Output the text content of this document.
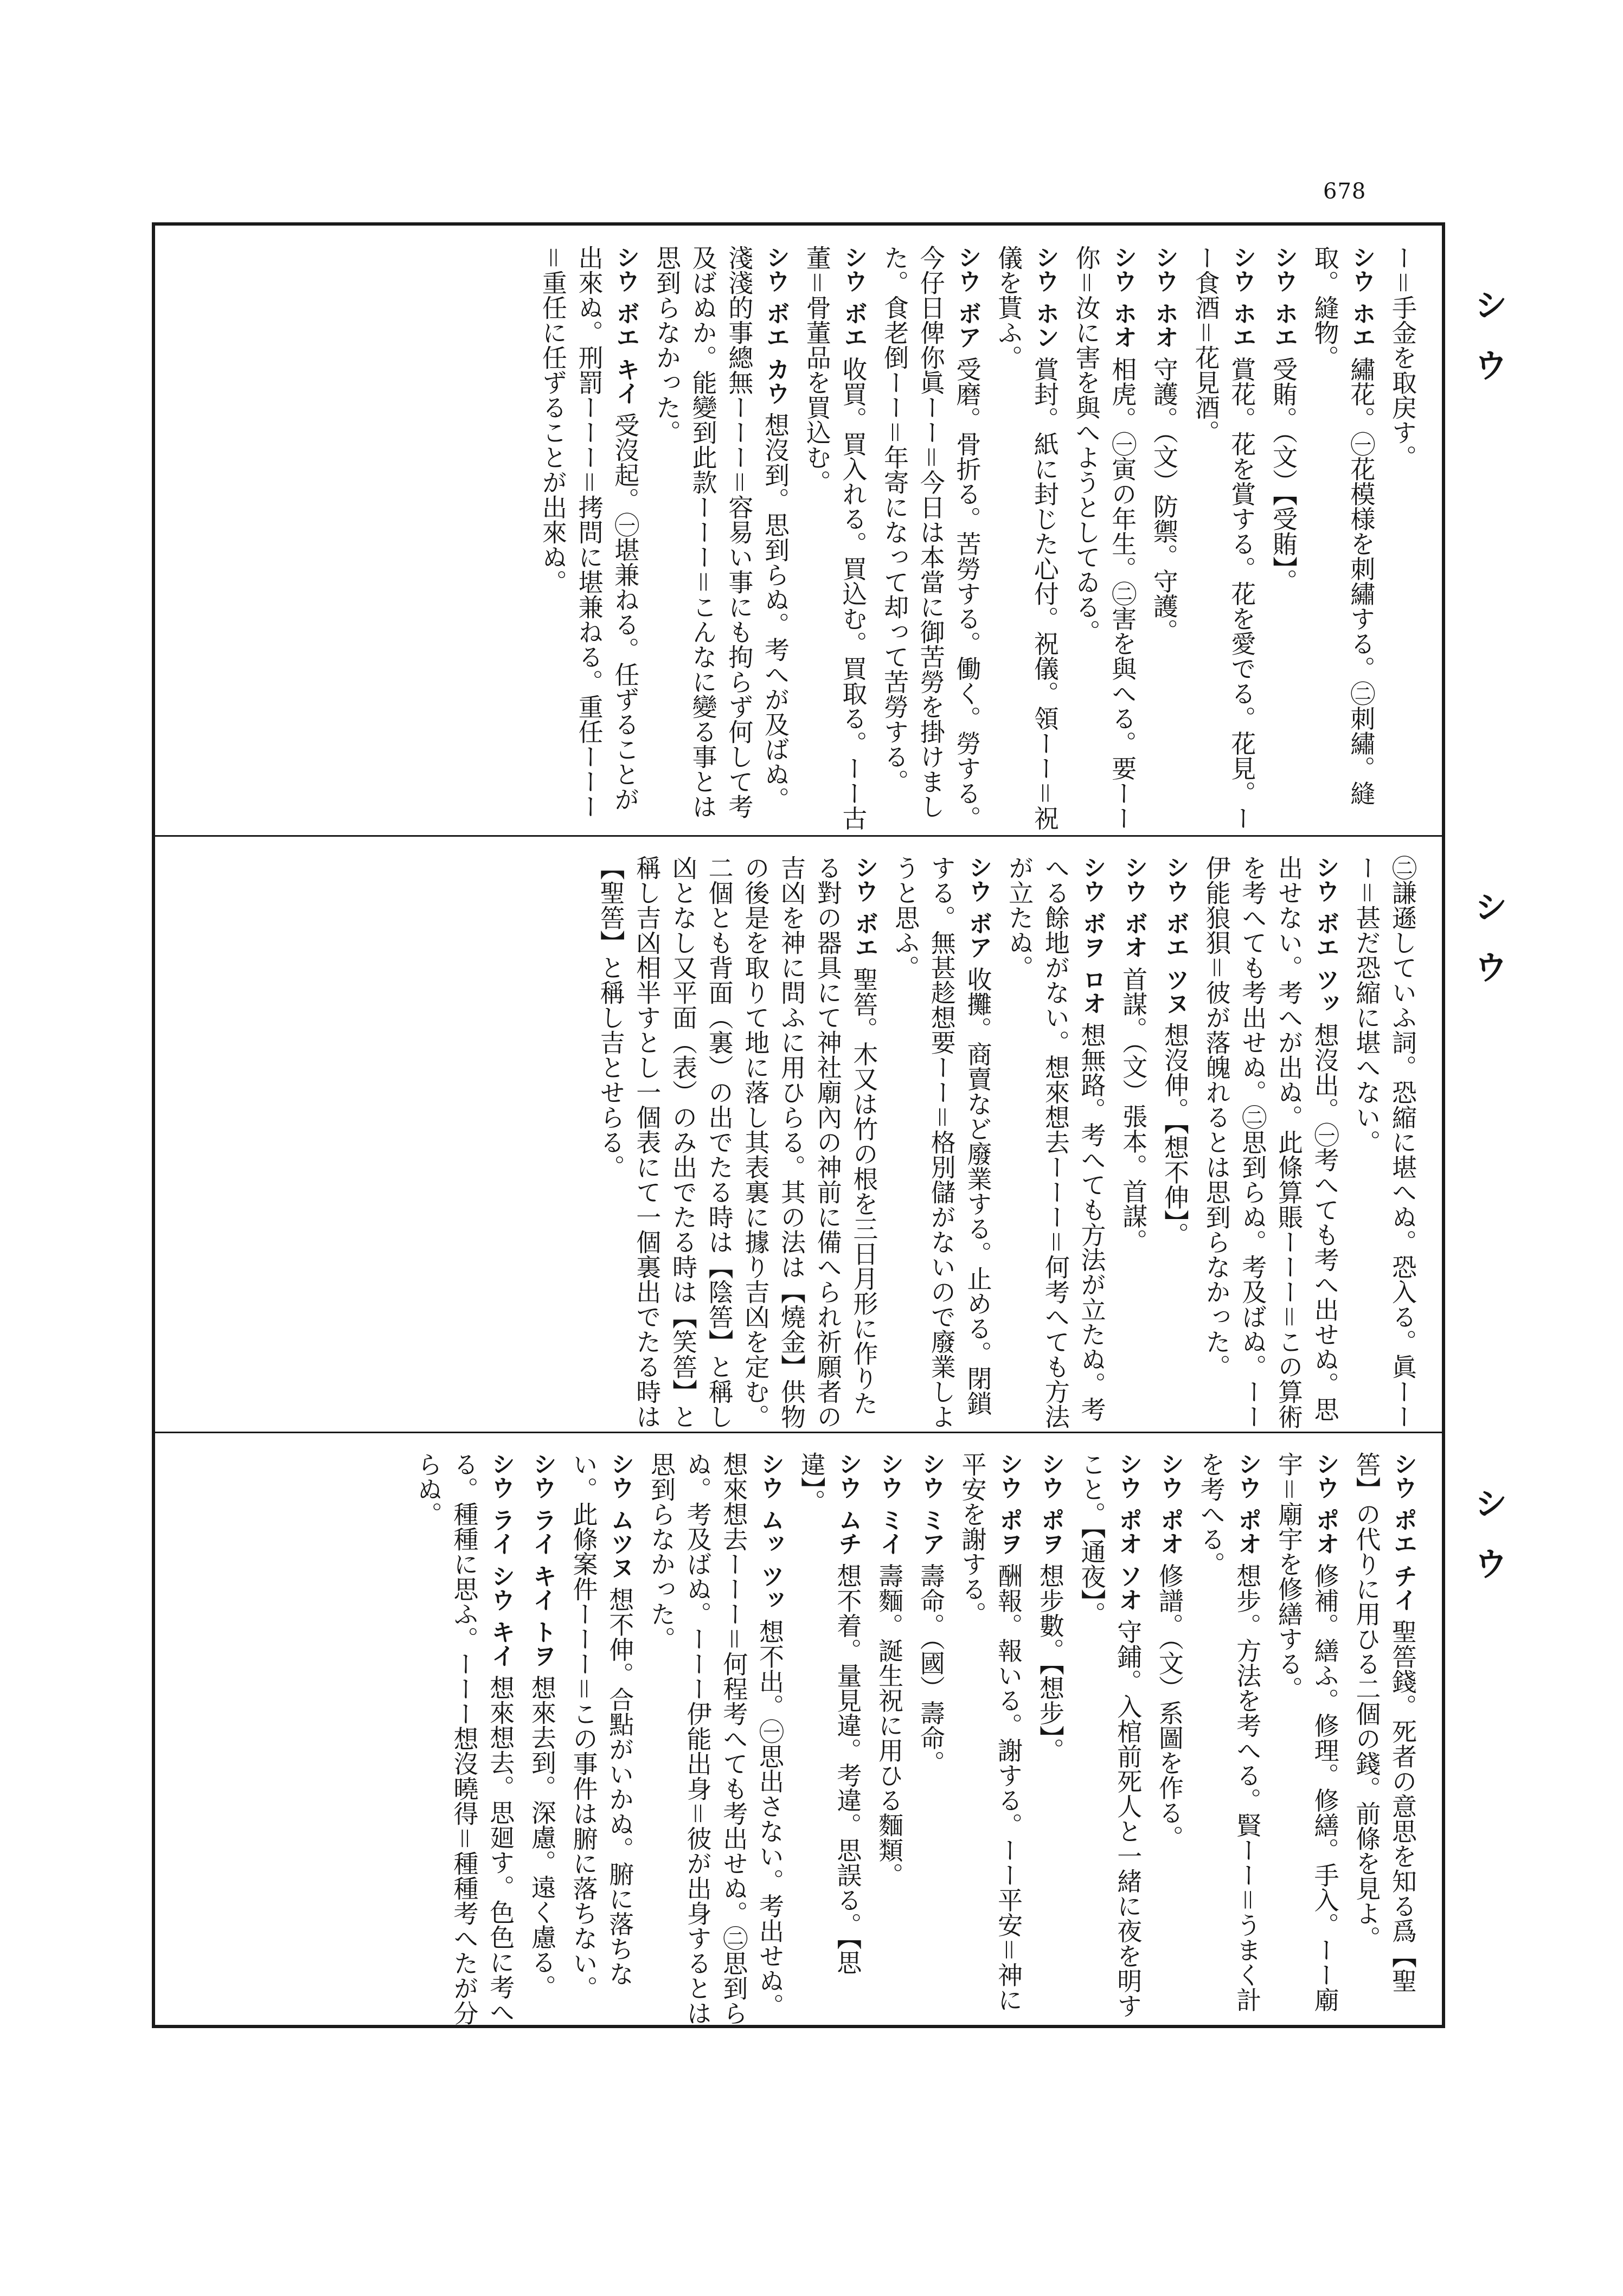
678
シ ウ
シ ウ
シ ウ
ー＝手金を取戻す。
シウ ホエ繡花。㊀花模様を刺繡する。㊁刺繡。縫取。縫物。
シウ ホエ受賄。（文）【受賄】。
シウ ホエ賞花。花を賞する。花を愛でる。花見。ーー食酒＝花見酒。
シウ ホオ守護。（文）防禦。守護。
シウ ホオ相虎。㊀寅の年生。㊁害を與へる。要ーー你＝汝に害を與へようとしてゐる。
シウ ホン賞封。紙に封じた心付。祝儀。領ーー＝祝儀を貰ふ。
シウ ボア受磨。骨折る。苦勞する。働く。勞する。今仔日俾你眞ーー＝今日は本當に御苦勞を掛けました。食老倒ーー＝年寄になって却って苦勞する。
シウ ボエ收買。買入れる。買込む。買取る。ーー古董＝骨董品を買込む。
シウ ボエ カウ想沒到。思到らぬ。考へが及ばぬ。淺淺的事總無ーーー＝容易い事にも拘らず何して考及ばぬか。能變到此款ーーー＝こんなに變る事とは思到らなかった。
シウ ボエ キイ受沒起。㊀堪兼ねる。任ずることが出來ぬ。刑罰ーーー＝拷問に堪兼ねる。重任ーーー＝重任に任ずることが出來ぬ。
㊁謙遜していふ詞。恐縮に堪へぬ。恐入る。眞ーーー＝甚だ恐縮に堪へない。
シウ ボエ ツッ想沒出。㊀考へても考へ出せぬ。思出せない。考へが出ぬ。此條算賬ーーー＝この算術を考へても考出せぬ。㊁思到らぬ。考及ばぬ。ーー伊能狼狽＝彼が落魄れるとは思到らなかった。
シウ ボエ ツヌ想沒伸。【想不伸】。
シウ ボオ首謀。（文）張本。首謀。
シウ ボヲ ロオ想無路。考へても方法が立たぬ。考へる餘地がない。想來想去ーーー＝何考へても方法が立たぬ。
シウ ボア收攤。商賣など廢業する。止める。閉鎖する。無甚趁想要ーー＝格別儲がないので廢業しようと思ふ。
シウ ボエ聖筶。木又は竹の根を三日月形に作りたる對の器具にて神社廟內の神前に備へられ祈願者の吉凶を神に問ふに用ひらる。其の法は【燒金】供物の後是を取りて地に落し其表裏に據り吉凶を定む。二個とも背面（裏）の出でたる時は【陰筶】と稱し凶となし又平面（表）のみ出でたる時は【笑筶】と稱し吉凶相半すとし一個表にて一個裏出でたる時は【聖筶】と稱し吉とせらる。
シウ ポエ チイ聖筶錢。死者の意思を知る爲【聖筶】の代りに用ひる二個の錢。前條を見よ。
シウ ポオ修補。繕ふ。修理。修繕。手入。ーー廟宇＝廟宇を修繕する。
シウ ポオ想步。方法を考へる。賢ーー＝うまく計を考へる。
シウ ポオ修譜。（文）系圖を作る。
シウ ポオ ソオ守鋪。入棺前死人と一緒に夜を明すこと。【通夜】。
シウ ポヲ想步數。【想步】。
シウ ポヲ酬報。報いる。謝する。ーー平安＝神に平安を謝する。
シウ ミア壽命。（國）壽命。
シウ ミイ壽麵。誕生祝に用ひる麵類。
シウ ムチ想不着。量見違。考違。思誤る。【思違】。
シウ ムッ ツッ想不出。㊀思出さない。考出せぬ。想來想去ーーー＝何程考へても考出せぬ。㊁思到らぬ。考及ばぬ。ーーー伊能出身＝彼が出身するとは思到らなかった。
シウ ムツヌ想不伸。合點がいかぬ。腑に落ちない。此條案件ーーー＝この事件は腑に落ちない。
シウ ライ キイ トヲ想來去到。深慮。遠く慮る。
シウ ライ シウ キイ想來想去。思廻す。色色に考へる。種種に思ふ。ーーー想沒曉得＝種種考へたが分らぬ。
